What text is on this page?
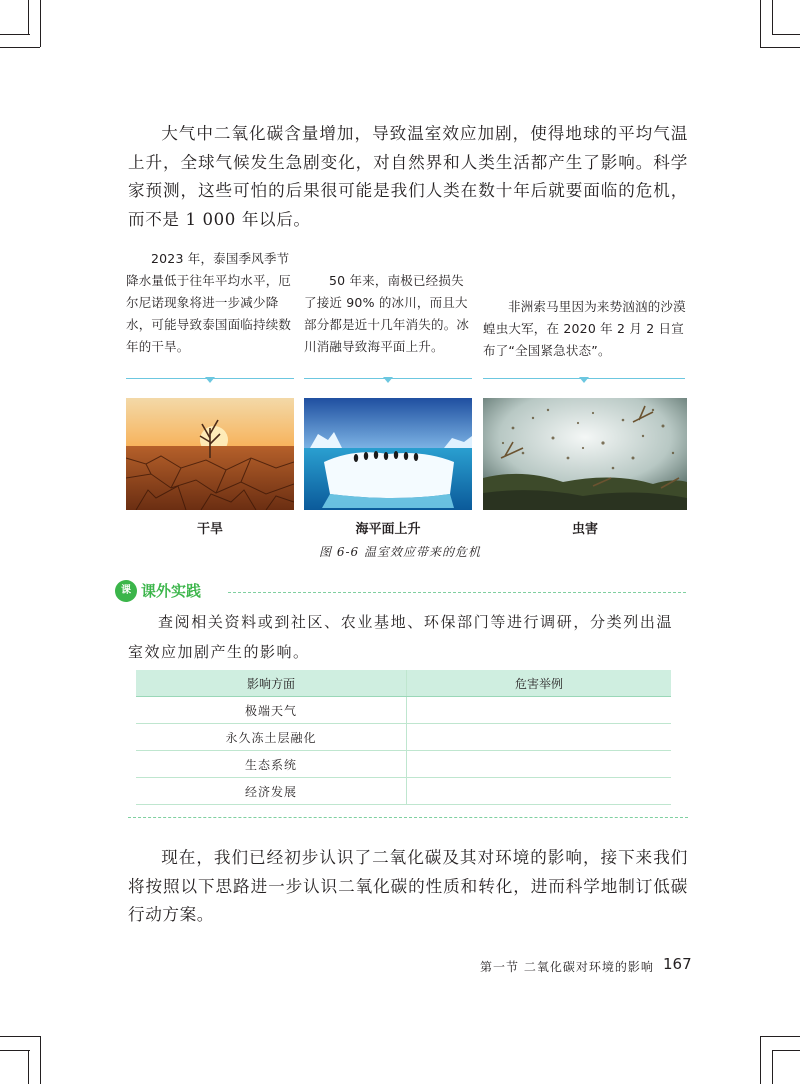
大气中二氧化碳含量增加，导致温室效应加剧，使得地球的平均气温上升，全球气候发生急剧变化，对自然界和人类生活都产生了影响。科学家预测，这些可怕的后果很可能是我们人类在数十年后就要面临的危机，而不是 1 000 年以后。

2023 年，泰国季风季节降水量低于往年平均水平，厄尔尼诺现象将进一步减少降水，可能导致泰国面临持续数年的干旱。

50 年来，南极已经损失了接近 90% 的冰川，而且大部分都是近十几年消失的。冰川消融导致海平面上升。

非洲索马里因为来势汹汹的沙漠蝗虫大军，在 2020 年 2 月 2 日宣布了“全国紧急状态”。

干旱	海平面上升	虫害
图 6-6 温室效应带来的危机
课 课外实践

查阅相关资料或到社区、农业基地、环保部门等进行调研，分类列出温室效应加剧产生的影响。

影响方面	危害举例
极端天气	
永久冻土层融化	
生态系统	
经济发展	

现在，我们已经初步认识了二氧化碳及其对环境的影响，接下来我们将按照以下思路进一步认识二氧化碳的性质和转化，进而科学地制订低碳行动方案。

第一节 二氧化碳对环境的影响 167
